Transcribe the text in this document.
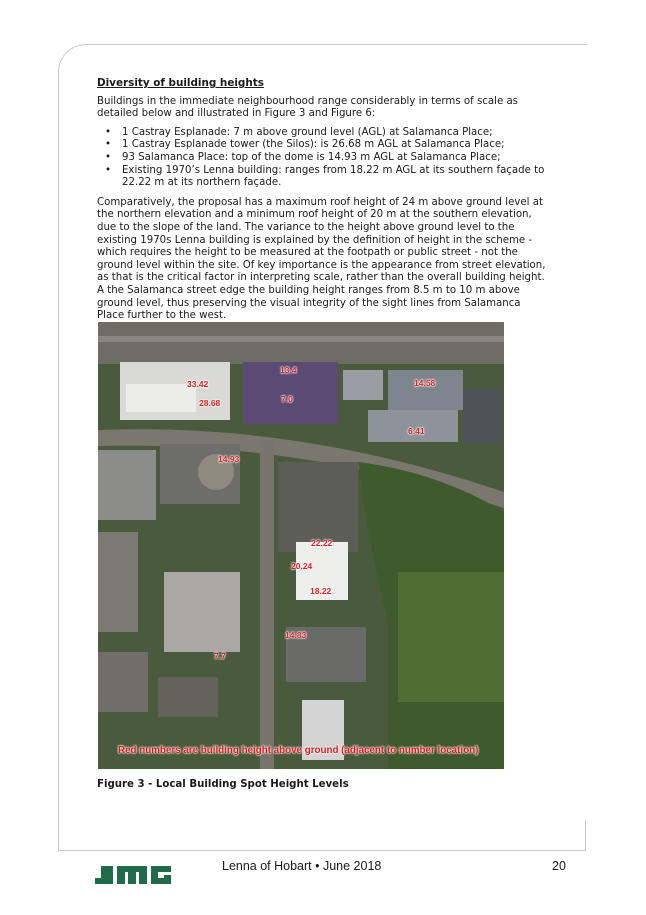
Diversity of building heights

Buildings in the immediate neighbourhood range considerably in terms of scale as detailed below and illustrated in Figure 3 and Figure 6:

• 1 Castray Esplanade: 7 m above ground level (AGL) at Salamanca Place;
• 1 Castray Esplanade tower (the Silos): is 26.68 m AGL at Salamanca Place;
• 93 Salamanca Place: top of the dome is 14.93 m AGL at Salamanca Place;
• Existing 1970’s Lenna building: ranges from 18.22 m AGL at its southern façade to 22.22 m at its northern façade.

Comparatively, the proposal has a maximum roof height of 24 m above ground level at the northern elevation and a minimum roof height of 20 m at the southern elevation, due to the slope of the land. The variance to the height above ground level to the existing 1970s Lenna building is explained by the definition of height in the scheme - which requires the height to be measured at the footpath or public street - not the ground level within the site. Of key importance is the appearance from street elevation, as that is the critical factor in interpreting scale, rather than the overall building height. A the Salamanca street edge the building height ranges from 8.5 m to 10 m above ground level, thus preserving the visual integrity of the sight lines from Salamanca Place further to the west.

33.42
28.68
13.4
7.0
14.58
6.41
14.93
22.22
20.24
18.22
14.83
7.7
Red numbers are building height above ground (adjacent to number location)
Figure 3 - Local Building Spot Height Levels
Lenna of Hobart • June 2018	20
